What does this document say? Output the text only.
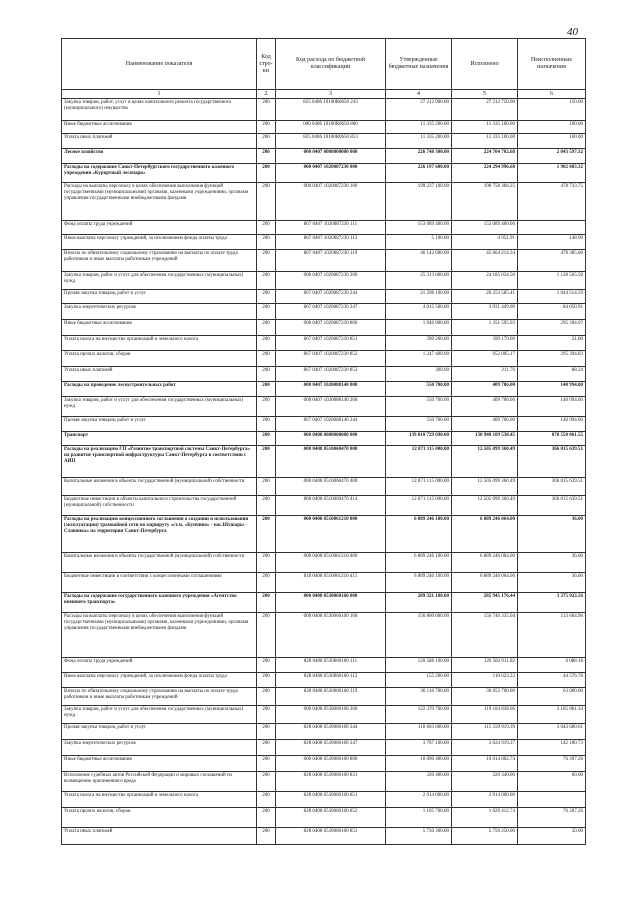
40
Наименование показателя	Код стро-ки	Код расхода по бюджетной классификации	Утвержденные бюджетные назначения	Исполнено	Неисполненные назначения
1	2	3	4	5	6
Закупка товаров, работ, услуг в целях капитального ремонта государственного (муниципального) имущества	200	825 0406 10100R0650 243	27 212 900.00	27 212 750.00	150.00
Иные бюджетные ассигнования	200	000 0406 10100R0650 800	11 335 200.00	11 335 100.00	100.00
Уплата иных платежей	200	825 0406 10100R0650 853	11 335 200.00	11 335 100.00	100.00
Лесное хозяйство	200	000 0407 0000000000 000	226 748 300.00	224 704 702.68	2 043 597.32
Расходы на содержание Санкт-Петербургского государственного казенного учреждения «Курортный лесопарк»	200	000 0407 1020087230 000	226 197 600.00	224 294 996.68	1 902 603.32
Расходы на выплаты персоналу в целях обеспечения выполнения функций государственными (муниципальными) органами, казенными учреждениями, органами управления государственными внебюджетными фондами	200	000 0407 1020087230 100	199 237 100.00	198 758 366.25	478 733.75
Фонд оплаты труда учреждений	200	867 0407 1020087230 111	153 089 400.00	153 089 400.00	
Иные выплаты персоналу учреждений, за исключением фонда оплаты труда	200	867 0407 1020087230 112	5 100.00	4 951.91	148.09
Взносы по обязательному социальному страхованию на выплаты по оплате труда работников и иные выплаты работникам учреждений	200	867 0407 1020087230 119	46 142 600.00	45 664 214.34	478 385.66
Закупка товаров, работ и услуг для обеспечения государственных (муниципальных) нужд	200	000 0407 1020087230 200	25 313 600.00	24 185 034.50	1 128 565.50
Прочая закупка товаров, работ и услуг	200	867 0407 1020087230 244	21 298 100.00	20 253 585.41	1 044 514.59
Закупка энергетических ресурсов	200	867 0407 1020087230 247	4 015 500.00	3 931 449.09	84 050.91
Иные бюджетные ассигнования	200	000 0407 1020087230 800	1 646 900.00	1 351 595.93	295 304.07
Уплата налога на имущество организаций и земельного налога	200	867 0407 1020087230 851	399 200.00	399 179.00	21.00
Уплата прочих налогов, сборов	200	867 0407 1020087230 852	1 247 400.00	952 005.17	295 394.83
Уплата иных платежей	200	867 0407 1020087230 853	300.00	211.76	88.24
Расходы на проведение лесоустроительных работ	200	000 0407 1020088140 000	550 700.00	409 706.00	140 994.00
Закупка товаров, работ и услуг для обеспечения государственных (муниципальных) нужд	200	000 0407 1020088140 200	550 700.00	409 706.00	140 994.00
Прочая закупка товаров, работ и услуг	200	867 0407 1020088140 244	550 700.00	409 706.00	140 994.00
Транспорт	200	000 0408 0000000000 000	139 810 729 690.00	138 940 189 538.45	870 550 061.55
Расходы на реализацию ГП «Развитие транспортной системы Санкт-Петербурга» на развитие транспортной инфраструктуры Санкт-Петербурга в соответствии с АИП	200	000 0408 0510060470 000	12 871 115 000.00	12 505 099 360.49	366 015 639.51
Капитальные вложения в объекты государственной (муниципальной) собственности	200	000 0408 0510060470 400	12 871 115 000.00	12 505 099 360.49	366 015 639.51
Бюджетные инвестиции в объекты капитального строительства государственной (муниципальной) собственности	200	868 0408 0510060470 414	12 871 115 000.00	12 505 099 360.49	366 015 639.51
Расходы на реализацию концессионного соглашения о создании и использовании (эксплуатации) трамвайной сети по маршруту «ст.м. «Купчино» - пос.Шушары - Славянка» на территории Санкт-Петербурга	200	000 0408 0510061210 000	6 889 246 100.00	6 889 246 064.00	36.00
Капитальные вложения в объекты государственной (муниципальной) собственности	200	000 0408 0510061210 400	6 889 246 100.00	6 889 246 064.00	36.00
Бюджетные инвестиции в соответствии с концессионными соглашениями	200	818 0408 0510061210 415	6 889 246 100.00	6 889 246 064.00	36.00
Расходы на содержание государственного казенного учреждения «Агентство внешнего транспорта»	200	000 0408 0530060160 000	289 321 100.00	285 945 176.44	3 375 923.56
Расходы на выплаты персоналу в целях обеспечения выполнения функций государственными (муниципальными) органами, казенными учреждениями, органами управления государственными внебюджетными фондами	200	000 0408 0530060160 100	156 860 000.00	156 746 335.04	113 664.96
Фонд оплаты труда учреждений	200	828 0408 0530060160 111	120 588 100.00	120 582 011.82	6 088.18
Иные выплаты персоналу учреждений, за исключением фонда оплаты труда	200	828 0408 0530060160 112	155 200.00	110 623.22	44 576.78
Взносы по обязательному социальному страхованию на выплаты по оплате труда работников и иные выплаты работникам учреждений	200	828 0408 0530060160 119	36 116 700.00	36 053 700.00	63 000.00
Закупка товаров, работ и услуг для обеспечения государственных (муниципальных) нужд	200	000 0408 0530060160 200	122 370 700.00	119 184 838.66	3 185 861.34
Прочая закупка товаров, работ и услуг	200	828 0408 0530060160 244	118 603 600.00	115 559 919.39	3 043 680.61
Закупка энергетических ресурсов	200	828 0408 0530060160 247	3 767 100.00	3 624 919.27	142 180.73
Иные бюджетные ассигнования	200	000 0408 0530060160 800	10 090 400.00	10 014 002.74	76 397.26
Исполнение судебных актов Российской Федерации и мировых соглашений по возмещению причиненного вреда	200	828 0408 0530060160 831	320 400.00	320 340.00	60.00
Уплата налога на имущество организаций и земельного налога	200	828 0408 0530060160 851	2 914 000.00	2 914 000.00	
Уплата прочих налогов, сборов	200	828 0408 0530060160 852	1 105 700.00	1 029 412.74	76 287.26
Уплата иных платежей	200	828 0408 0530060160 853	5 750 300.00	5 750 250.00	50.00
